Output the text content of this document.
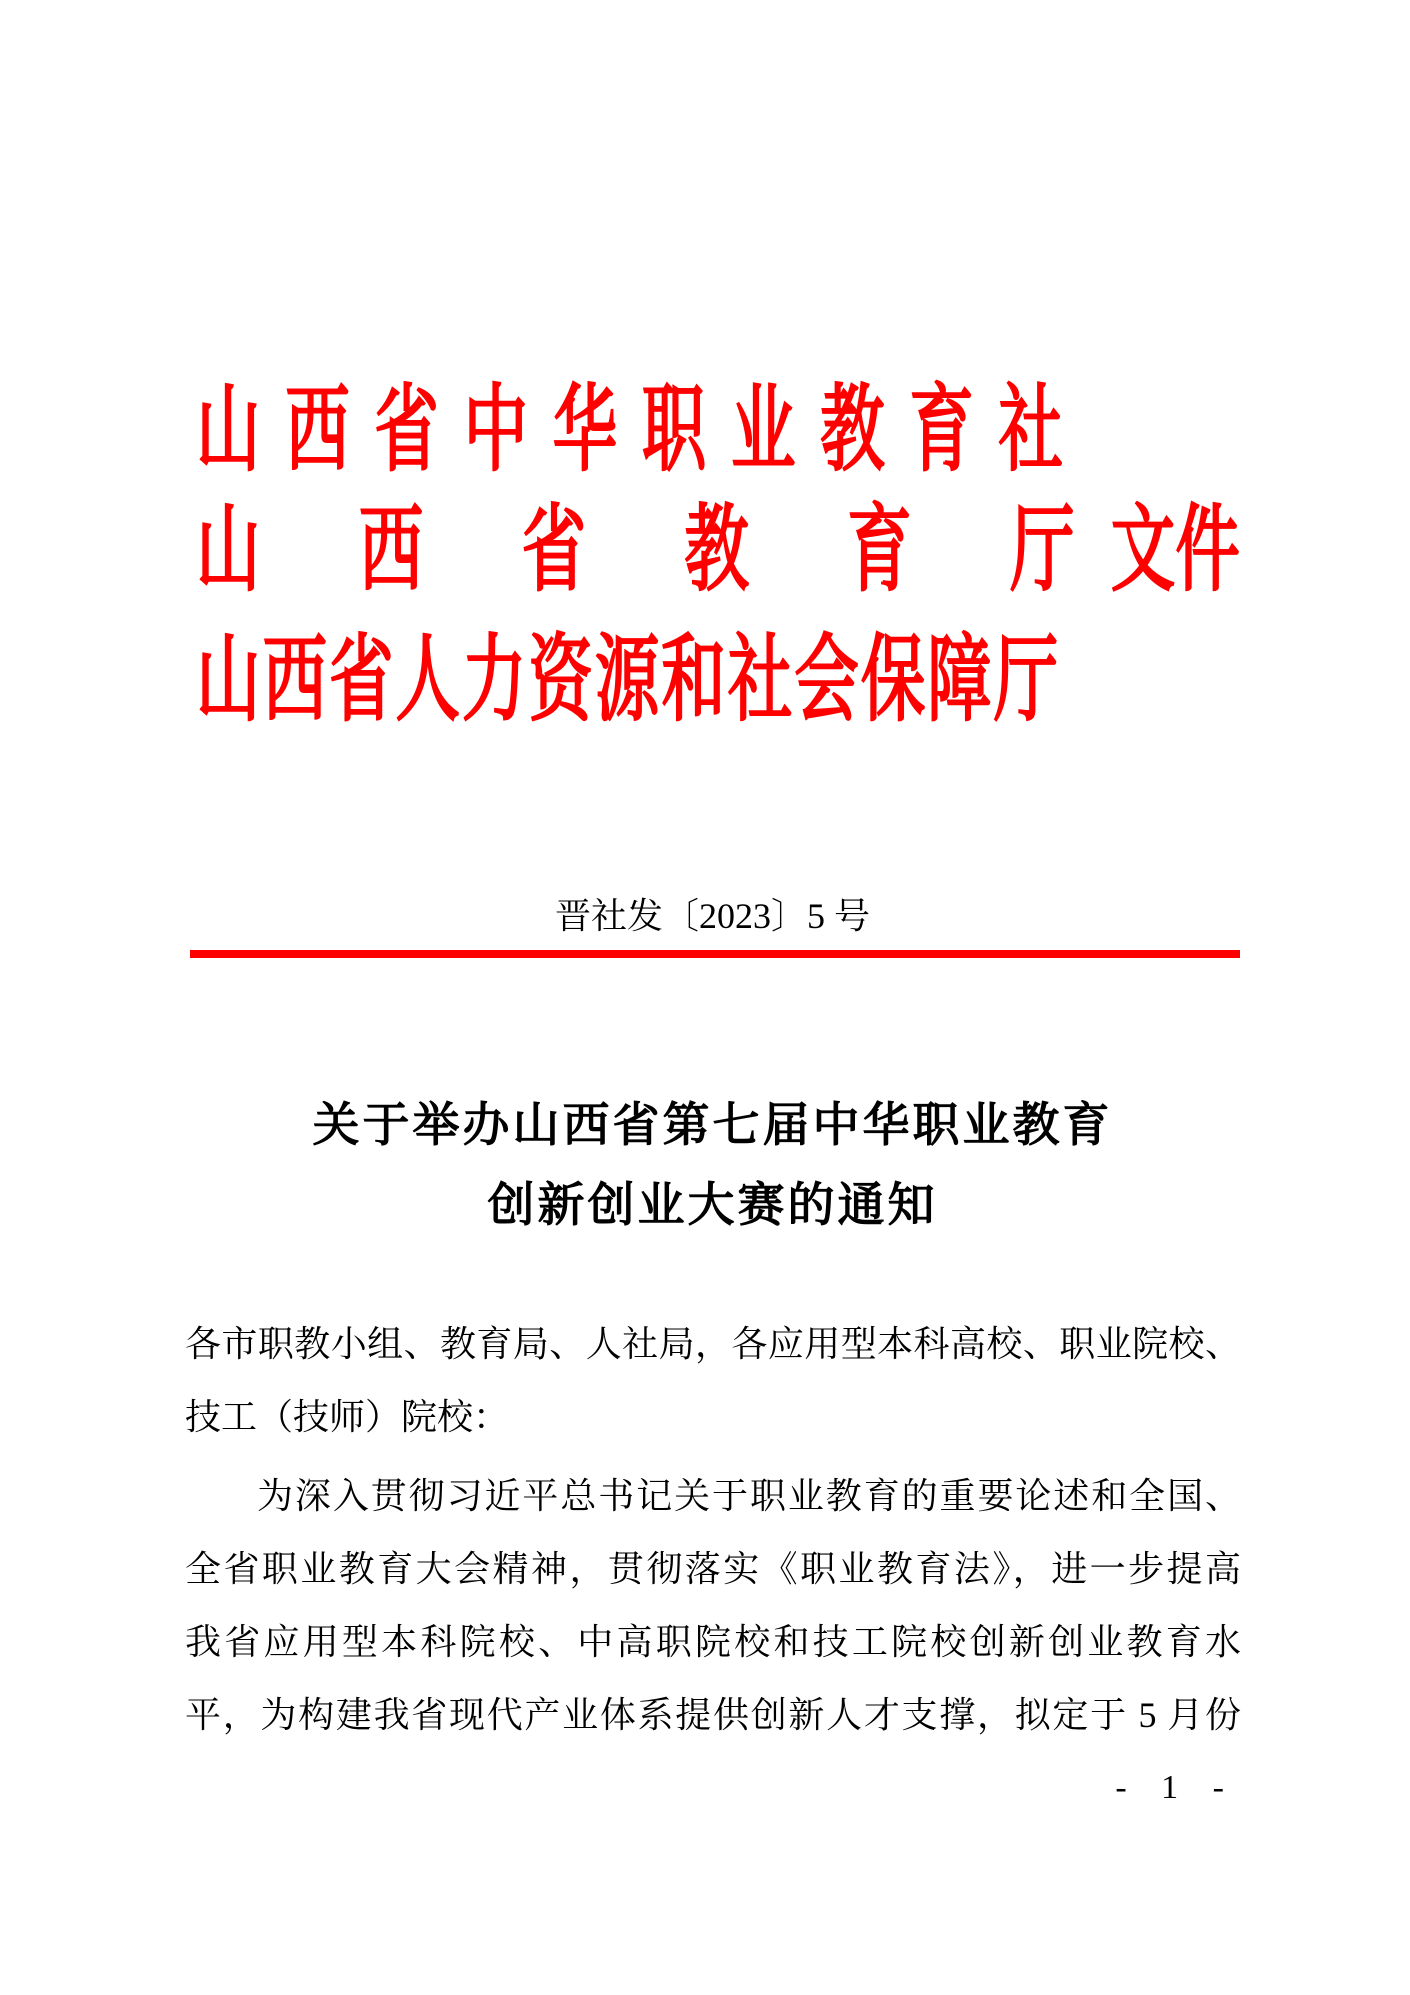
山西省中华职业教育社
山西省教育厅 文件
山西省人力资源和社会保障厅
晋社发〔2023〕5 号
关于举办山西省第七届中华职业教育
创新创业大赛的通知

各市职教小组、教育局、人社局，各应用型本科高校、职业院校、

技工（技师）院校：

为深入贯彻习近平总书记关于职业教育的重要论述和全国、

全省职业教育大会精神，贯彻落实《职业教育法》，进一步提高

我省应用型本科院校、中高职院校和技工院校创新创业教育水

平，为构建我省现代产业体系提供创新人才支撑，拟定于 5 月份

- 1 -
